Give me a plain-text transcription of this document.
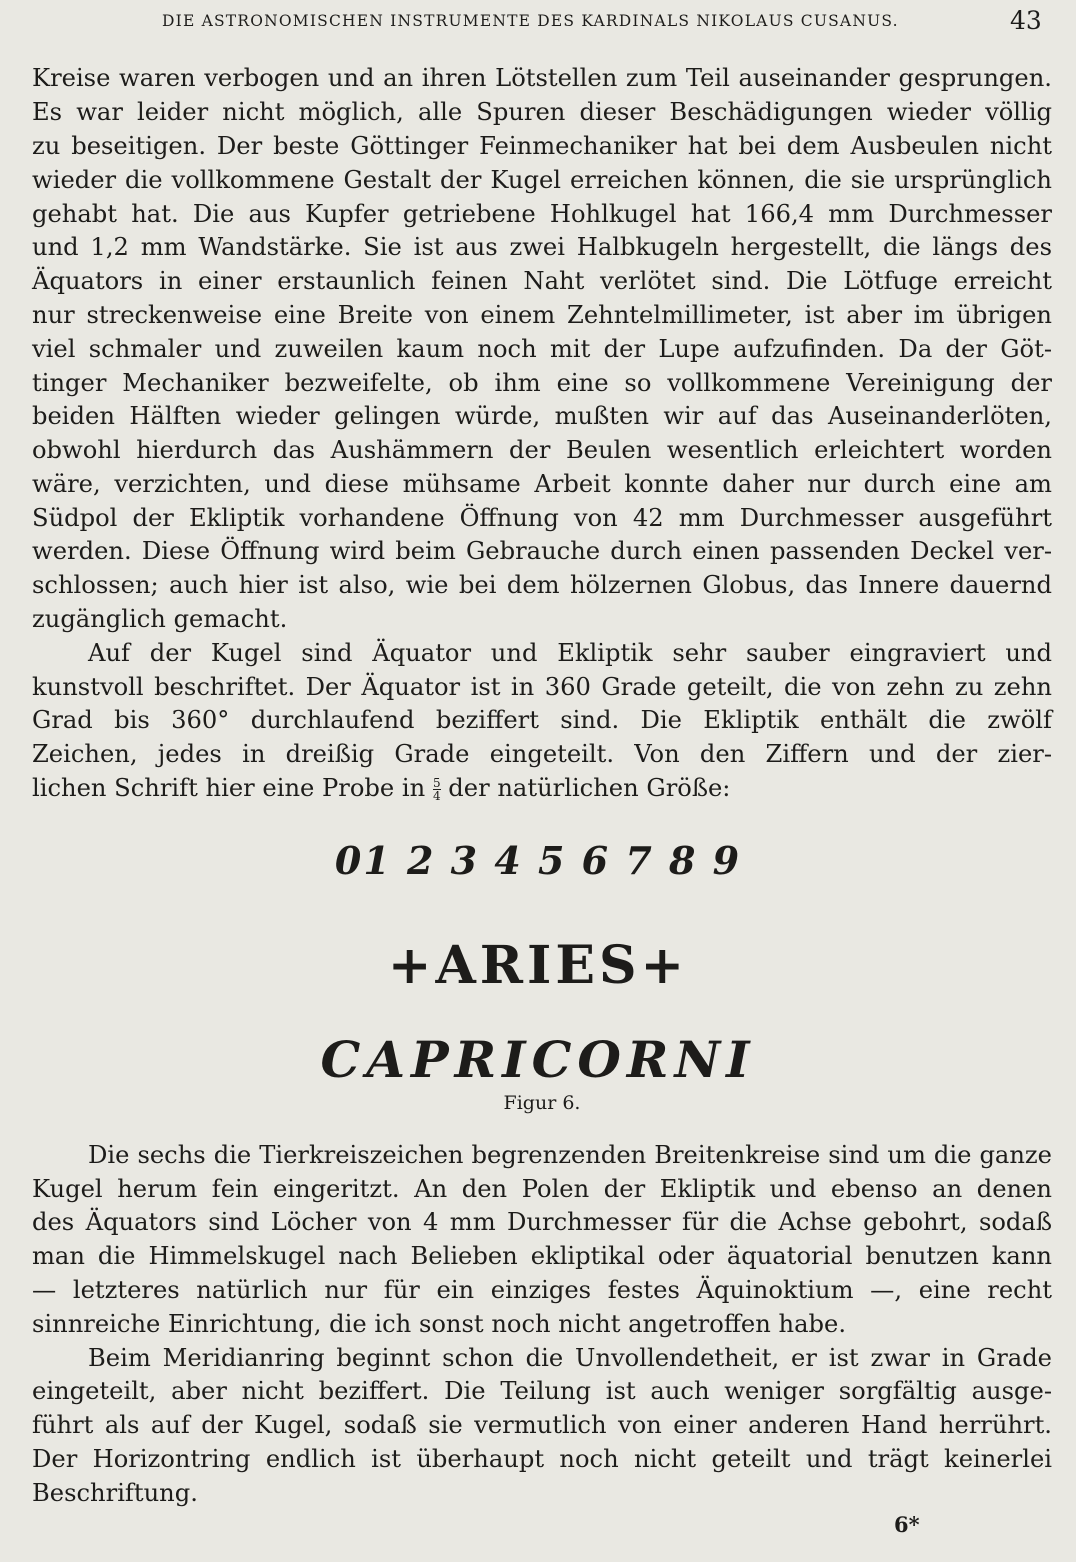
DIE ASTRONOMISCHEN INSTRUMENTE DES KARDINALS NIKOLAUS CUSANUS.	43
Kreise waren verbogen und an ihren Lötstellen zum Teil auseinander gesprungen.
Es war leider nicht möglich, alle Spuren dieser Beschädigungen wieder völlig
zu beseitigen. Der beste Göttinger Feinmechaniker hat bei dem Ausbeulen nicht
wieder die vollkommene Gestalt der Kugel erreichen können, die sie ursprünglich
gehabt hat. Die aus Kupfer getriebene Hohlkugel hat 166,4 mm Durchmesser
und 1,2 mm Wandstärke. Sie ist aus zwei Halbkugeln hergestellt, die längs des
Äquators in einer erstaunlich feinen Naht verlötet sind. Die Lötfuge erreicht
nur streckenweise eine Breite von einem Zehntelmillimeter, ist aber im übrigen
viel schmaler und zuweilen kaum noch mit der Lupe aufzufinden. Da der Göt-
tinger Mechaniker bezweifelte, ob ihm eine so vollkommene Vereinigung der
beiden Hälften wieder gelingen würde, mußten wir auf das Auseinanderlöten,
obwohl hierdurch das Aushämmern der Beulen wesentlich erleichtert worden
wäre, verzichten, und diese mühsame Arbeit konnte daher nur durch eine am
Südpol der Ekliptik vorhandene Öffnung von 42 mm Durchmesser ausgeführt
werden. Diese Öffnung wird beim Gebrauche durch einen passenden Deckel ver-
schlossen; auch hier ist also, wie bei dem hölzernen Globus, das Innere dauernd
zugänglich gemacht.
Auf der Kugel sind Äquator und Ekliptik sehr sauber eingraviert und
kunstvoll beschriftet. Der Äquator ist in 360 Grade geteilt, die von zehn zu zehn
Grad bis 360° durchlaufend beziffert sind. Die Ekliptik enthält die zwölf
Zeichen, jedes in dreißig Grade eingeteilt. Von den Ziffern und der zier-
lichen Schrift hier eine Probe in $\frac{5}{4}$ der natürlichen Größe:
01 2 3 4 5 6 7 8 9
+ARIES+
CAPRICORNI
Figur 6.
Die sechs die Tierkreiszeichen begrenzenden Breitenkreise sind um die ganze
Kugel herum fein eingeritzt. An den Polen der Ekliptik und ebenso an denen
des Äquators sind Löcher von 4 mm Durchmesser für die Achse gebohrt, sodaß
man die Himmelskugel nach Belieben ekliptikal oder äquatorial benutzen kann
— letzteres natürlich nur für ein einziges festes Äquinoktium —, eine recht
sinnreiche Einrichtung, die ich sonst noch nicht angetroffen habe.
Beim Meridianring beginnt schon die Unvollendetheit, er ist zwar in Grade
eingeteilt, aber nicht beziffert. Die Teilung ist auch weniger sorgfältig ausge-
führt als auf der Kugel, sodaß sie vermutlich von einer anderen Hand herrührt.
Der Horizontring endlich ist überhaupt noch nicht geteilt und trägt keinerlei
Beschriftung.
6*
